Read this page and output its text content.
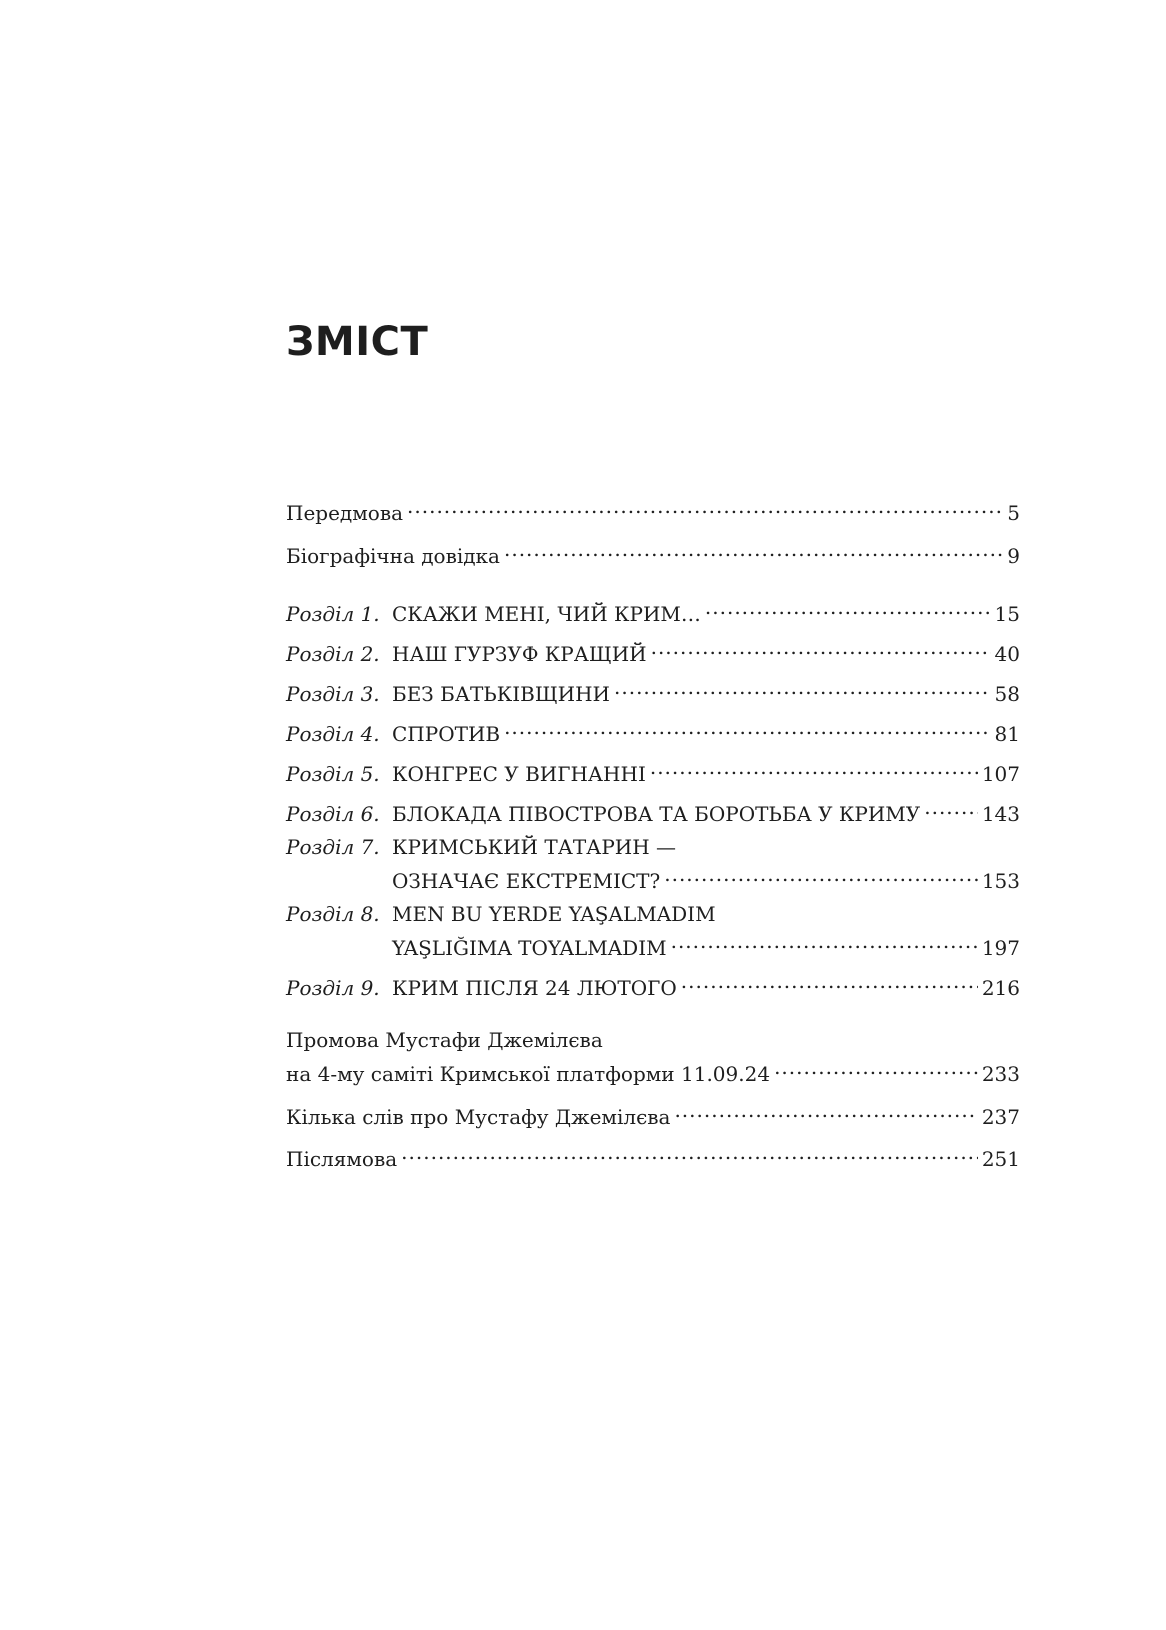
ЗМІСТ
Передмова .....	5
Біографічна довідка .....	9
Розділ 1. СКАЖИ МЕНІ, ЧИЙ КРИМ… .....	15
Розділ 2. НАШ ГУРЗУФ КРАЩИЙ .....	40
Розділ 3. БЕЗ БАТЬКІВЩИНИ .....	58
Розділ 4. СПРОТИВ .....	81
Розділ 5. КОНГРЕС У ВИГНАННІ .....	107
Розділ 6. БЛОКАДА ПІВОСТРОВА ТА БОРОТЬБА У КРИМУ .....	143
Розділ 7. КРИМСЬКИЙ ТАТАРИН —
ОЗНАЧАЄ ЕКСТРЕМІСТ? .....	153
Розділ 8. MEN BU YERDE YAŞALMADIM
YAŞLIĞIMA TOYALMADIM .....	197
Розділ 9. КРИМ ПІСЛЯ 24 ЛЮТОГО .....	216
Промова Мустафи Джемілєва
на 4-му саміті Кримської платформи 11.09.24 .....	233
Кілька слів про Мустафу Джемілєва .....	237
Післямова .....	251
